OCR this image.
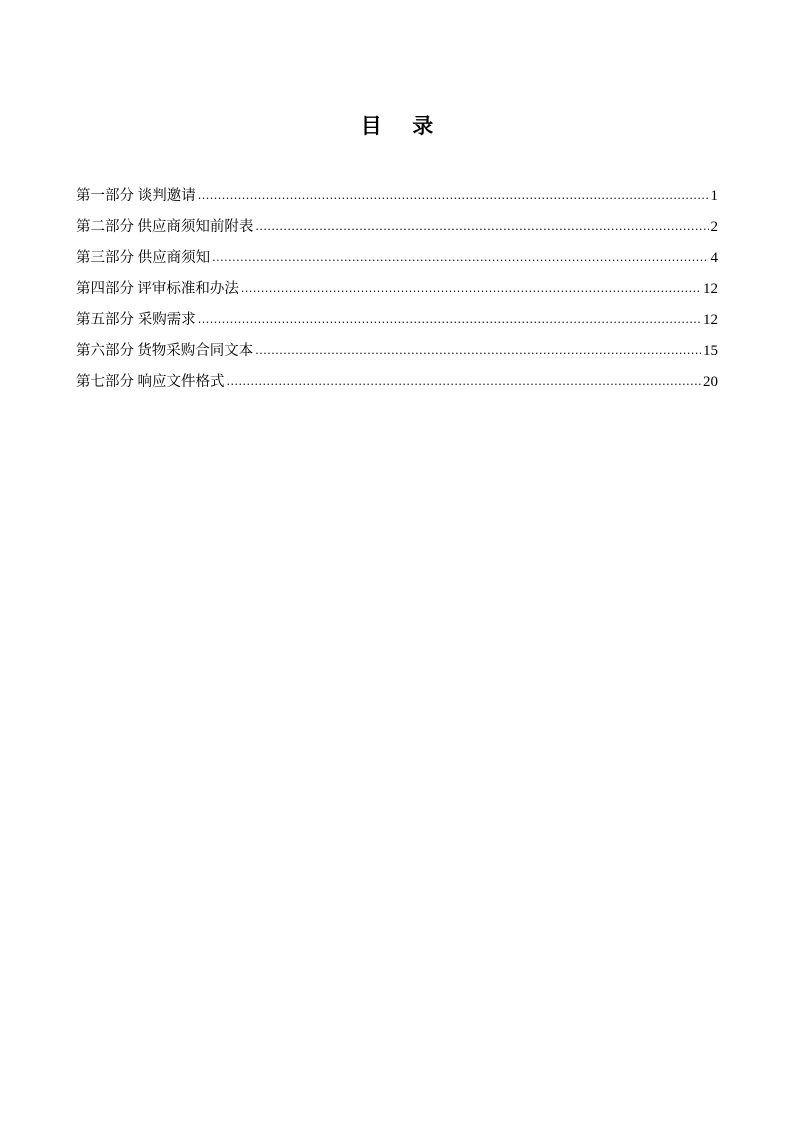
目 录
第一部分 谈判邀请 .....	1
第二部分 供应商须知前附表 .....	2
第三部分 供应商须知 .....	4
第四部分 评审标准和办法 .....	12
第五部分 采购需求 .....	12
第六部分 货物采购合同文本 .....	15
第七部分 响应文件格式 .....	20
